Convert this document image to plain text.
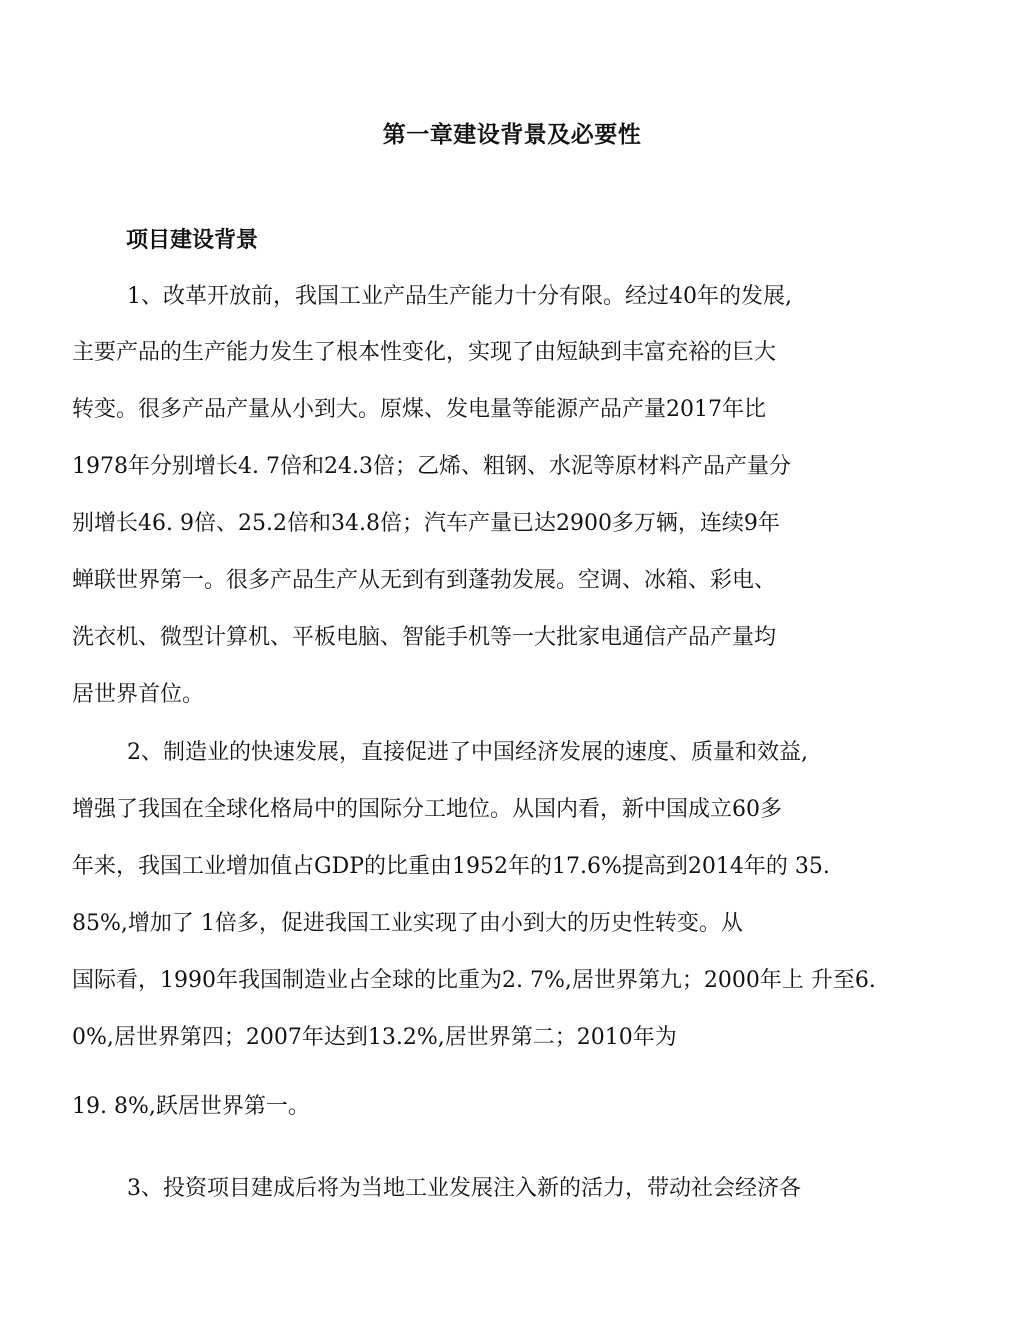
第一章建设背景及必要性
项目建设背景
1、改革开放前，我国工业产品生产能力十分有限。经过40年的发展,
主要产品的生产能力发生了根本性变化，实现了由短缺到丰富充裕的巨大
转变。很多产品产量从小到大。原煤、发电量等能源产品产量2017年比
1978年分别增长4. 7倍和24.3倍；乙烯、粗钢、水泥等原材料产品产量分
别增长46. 9倍、25.2倍和34.8倍；汽车产量已达2900多万辆，连续9年
蝉联世界第一。很多产品生产从无到有到蓬勃发展。空调、冰箱、彩电、
洗衣机、微型计算机、平板电脑、智能手机等一大批家电通信产品产量均
居世界首位。
2、制造业的快速发展，直接促进了中国经济发展的速度、质量和效益,
增强了我国在全球化格局中的国际分工地位。从国内看，新中国成立60多
年来，我国工业增加值占GDP的比重由1952年的17.6%提高到2014年的 35.
85%,增加了 1倍多，促进我国工业实现了由小到大的历史性转变。从
国际看，1990年我国制造业占全球的比重为2. 7%,居世界第九；2000年上 升至6.
0%,居世界第四；2007年达到13.2%,居世界第二；2010年为
19. 8%,跃居世界第一。
3、投资项目建成后将为当地工业发展注入新的活力，带动社会经济各
